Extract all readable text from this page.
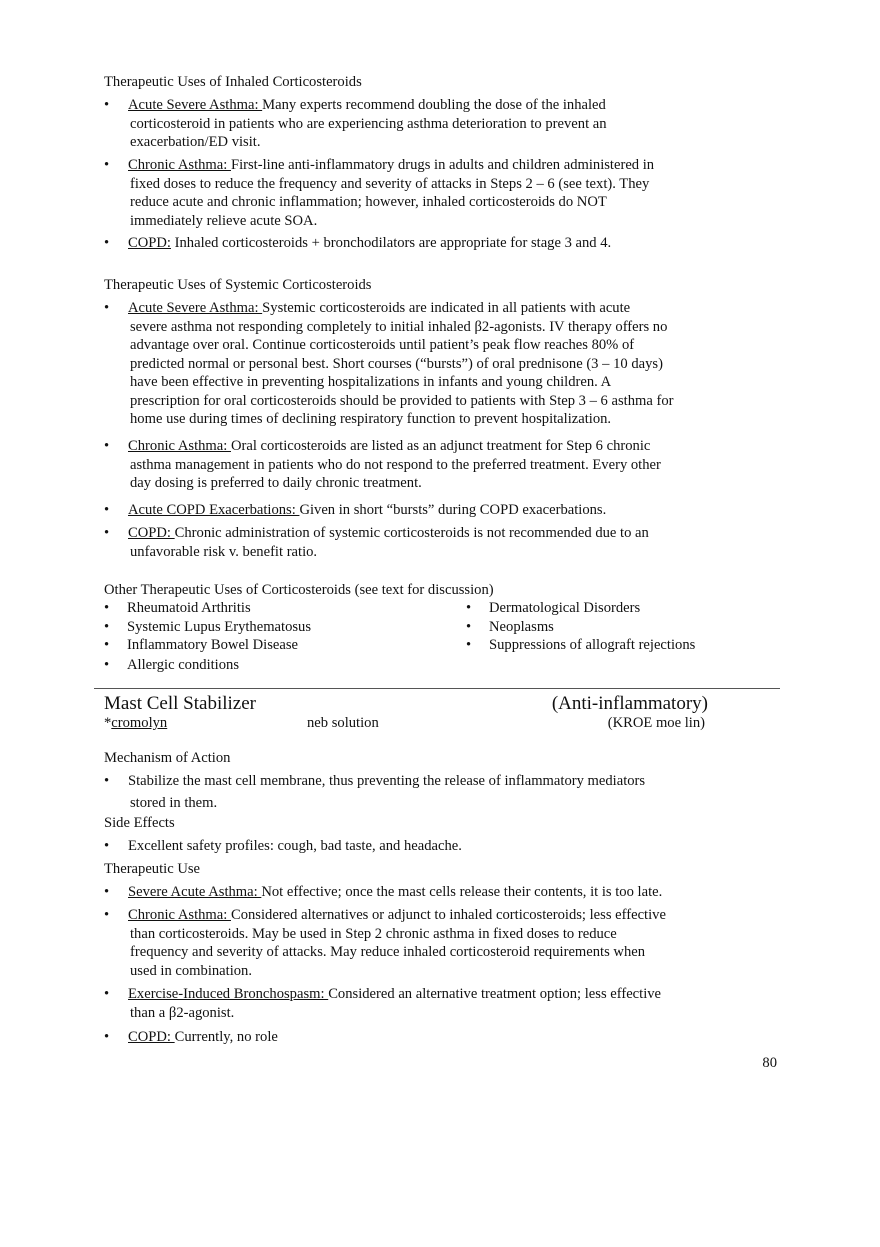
Therapeutic Uses of Inhaled Corticosteroids
•	Acute Severe Asthma: Many experts recommend doubling the dose of the inhaled
corticosteroid in patients who are experiencing asthma deterioration to prevent an
exacerbation/ED visit.
•	Chronic Asthma: First-line anti-inflammatory drugs in adults and children administered in
fixed doses to reduce the frequency and severity of attacks in Steps 2 – 6 (see text). They
reduce acute and chronic inflammation; however, inhaled corticosteroids do NOT
immediately relieve acute SOA.
•	COPD: Inhaled corticosteroids + bronchodilators are appropriate for stage 3 and 4.
Therapeutic Uses of Systemic Corticosteroids
•	Acute Severe Asthma: Systemic corticosteroids are indicated in all patients with acute
severe asthma not responding completely to initial inhaled β2-agonists. IV therapy offers no
advantage over oral. Continue corticosteroids until patient’s peak flow reaches 80% of
predicted normal or personal best. Short courses (“bursts”) of oral prednisone (3 – 10 days)
have been effective in preventing hospitalizations in infants and young children. A
prescription for oral corticosteroids should be provided to patients with Step 3 – 6 asthma for
home use during times of declining respiratory function to prevent hospitalization.
•	Chronic Asthma: Oral corticosteroids are listed as an adjunct treatment for Step 6 chronic
asthma management in patients who do not respond to the preferred treatment. Every other
day dosing is preferred to daily chronic treatment.
•	Acute COPD Exacerbations: Given in short “bursts” during COPD exacerbations.
•	COPD: Chronic administration of systemic corticosteroids is not recommended due to an
unfavorable risk v. benefit ratio.
Other Therapeutic Uses of Corticosteroids (see text for discussion)
•	Rheumatoid Arthritis
•	Systemic Lupus Erythematosus
•	Inflammatory Bowel Disease
•	Allergic conditions
•	Dermatological Disorders
•	Neoplasms
•	Suppressions of allograft rejections
Mast Cell Stabilizer	(Anti-inflammatory)
*cromolyn	neb solution	(KROE moe lin)
Mechanism of Action
•	Stabilize the mast cell membrane, thus preventing the release of inflammatory mediators
stored in them.
Side Effects
•	Excellent safety profiles: cough, bad taste, and headache.
Therapeutic Use
•	Severe Acute Asthma: Not effective; once the mast cells release their contents, it is too late.
•	Chronic Asthma: Considered alternatives or adjunct to inhaled corticosteroids; less effective
than corticosteroids. May be used in Step 2 chronic asthma in fixed doses to reduce
frequency and severity of attacks. May reduce inhaled corticosteroid requirements when
used in combination.
•	Exercise-Induced Bronchospasm: Considered an alternative treatment option; less effective
than a β2-agonist.
•	COPD: Currently, no role
80
